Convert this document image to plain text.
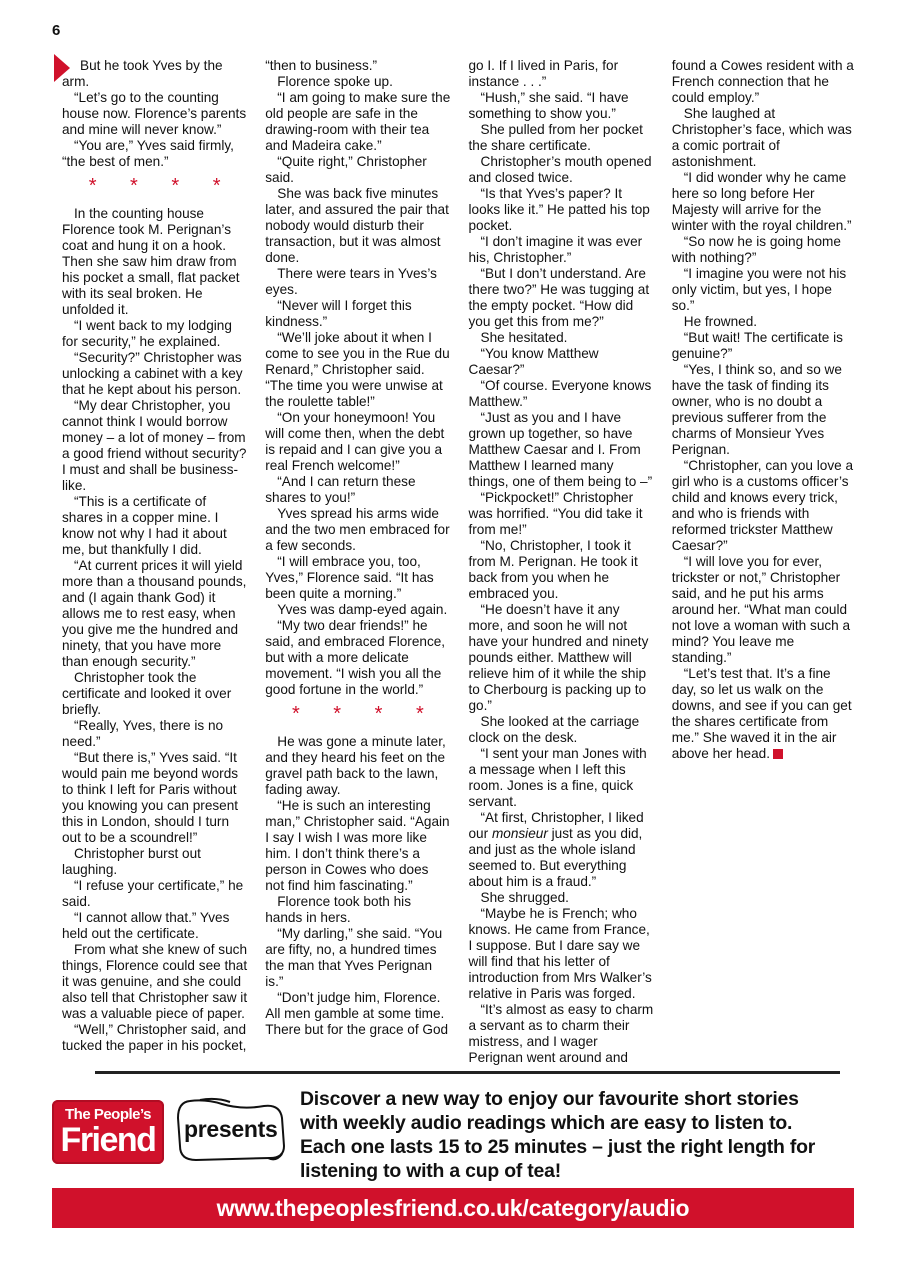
6

But he took Yves by the arm.

“Let’s go to the counting house now. Florence’s parents and mine will never know.”

“You are,” Yves said firmly, “the best of men.”

* * * *

In the counting house Florence took M. Perignan’s coat and hung it on a hook. Then she saw him draw from his pocket a small, flat packet with its seal broken. He unfolded it.

“I went back to my lodging for security,” he explained.

“Security?” Christopher was unlocking a cabinet with a key that he kept about his person.

“My dear Christopher, you cannot think I would borrow money – a lot of money – from a good friend without security? I must and shall be business-like.

“This is a certificate of shares in a copper mine. I know not why I had it about me, but thankfully I did.

“At current prices it will yield more than a thousand pounds, and (I again thank God) it allows me to rest easy, when you give me the hundred and ninety, that you have more than enough security.”

Christopher took the certificate and looked it over briefly.

“Really, Yves, there is no need.”

“But there is,” Yves said. “It would pain me beyond words to think I left for Paris without you knowing you can present this in London, should I turn out to be a scoundrel!”

Christopher burst out laughing.

“I refuse your certificate,” he said.

“I cannot allow that.” Yves held out the certificate.

From what she knew of such things, Florence could see that it was genuine, and she could also tell that Christopher saw it was a valuable piece of paper.

“Well,” Christopher said, and tucked the paper in his pocket, “then to business.”

Florence spoke up.

“I am going to make sure the old people are safe in the drawing-room with their tea and Madeira cake.”

“Quite right,” Christopher said.

She was back five minutes later, and assured the pair that nobody would disturb their transaction, but it was almost done.

There were tears in Yves’s eyes.

“Never will I forget this kindness.”

“We’ll joke about it when I come to see you in the Rue du Renard,” Christopher said. “The time you were unwise at the roulette table!”

“On your honeymoon! You will come then, when the debt is repaid and I can give you a real French welcome!”

“And I can return these shares to you!”

Yves spread his arms wide and the two men embraced for a few seconds.

“I will embrace you, too, Yves,” Florence said. “It has been quite a morning.”

Yves was damp-eyed again.

“My two dear friends!” he said, and embraced Florence, but with a more delicate movement. “I wish you all the good fortune in the world.”

* * * *

He was gone a minute later, and they heard his feet on the gravel path back to the lawn, fading away.

“He is such an interesting man,” Christopher said. “Again I say I wish I was more like him. I don’t think there’s a person in Cowes who does not find him fascinating.”

Florence took both his hands in hers.

“My darling,” she said. “You are fifty, no, a hundred times the man that Yves Perignan is.”

“Don’t judge him, Florence. All men gamble at some time. There but for the grace of God go I. If I lived in Paris, for instance . . .”

“Hush,” she said. “I have something to show you.”

She pulled from her pocket the share certificate.

Christopher’s mouth opened and closed twice.

“Is that Yves’s paper? It looks like it.” He patted his top pocket.

“I don’t imagine it was ever his, Christopher.”

“But I don’t understand. Are there two?” He was tugging at the empty pocket. “How did you get this from me?”

She hesitated.

“You know Matthew Caesar?”

“Of course. Everyone knows Matthew.”

“Just as you and I have grown up together, so have Matthew Caesar and I. From Matthew I learned many things, one of them being to –”

“Pickpocket!” Christopher was horrified. “You did take it from me!”

“No, Christopher, I took it from M. Perignan. He took it back from you when he embraced you.

“He doesn’t have it any more, and soon he will not have your hundred and ninety pounds either. Matthew will relieve him of it while the ship to Cherbourg is packing up to go.”

She looked at the carriage clock on the desk.

“I sent your man Jones with a message when I left this room. Jones is a fine, quick servant.

“At first, Christopher, I liked our monsieur just as you did, and just as the whole island seemed to. But everything about him is a fraud.”

She shrugged.

“Maybe he is French; who knows. He came from France, I suppose. But I dare say we will find that his letter of introduction from Mrs Walker’s relative in Paris was forged.

“It’s almost as easy to charm a servant as to charm their mistress, and I wager Perignan went around and found a Cowes resident with a French connection that he could employ.”

She laughed at Christopher’s face, which was a comic portrait of astonishment.

“I did wonder why he came here so long before Her Majesty will arrive for the winter with the royal children.”

“So now he is going home with nothing?”

“I imagine you were not his only victim, but yes, I hope so.”

He frowned.

“But wait! The certificate is genuine?”

“Yes, I think so, and so we have the task of finding its owner, who is no doubt a previous sufferer from the charms of Monsieur Yves Perignan.

“Christopher, can you love a girl who is a customs officer’s child and knows every trick, and who is friends with reformed trickster Matthew Caesar?”

“I will love you for ever, trickster or not,” Christopher said, and he put his arms around her. “What man could not love a woman with such a mind? You leave me standing.”

“Let’s test that. It’s a fine day, so let us walk on the downs, and see if you can get the shares certificate from me.” She waved it in the air above her head.

The People’s
Friend	presents
Discover a new way to enjoy our favourite short stories with weekly audio readings which are easy to listen to. Each one lasts 15 to 25 minutes – just the right length for listening to with a cup of tea!
www.thepeoplesfriend.co.uk/category/audio
